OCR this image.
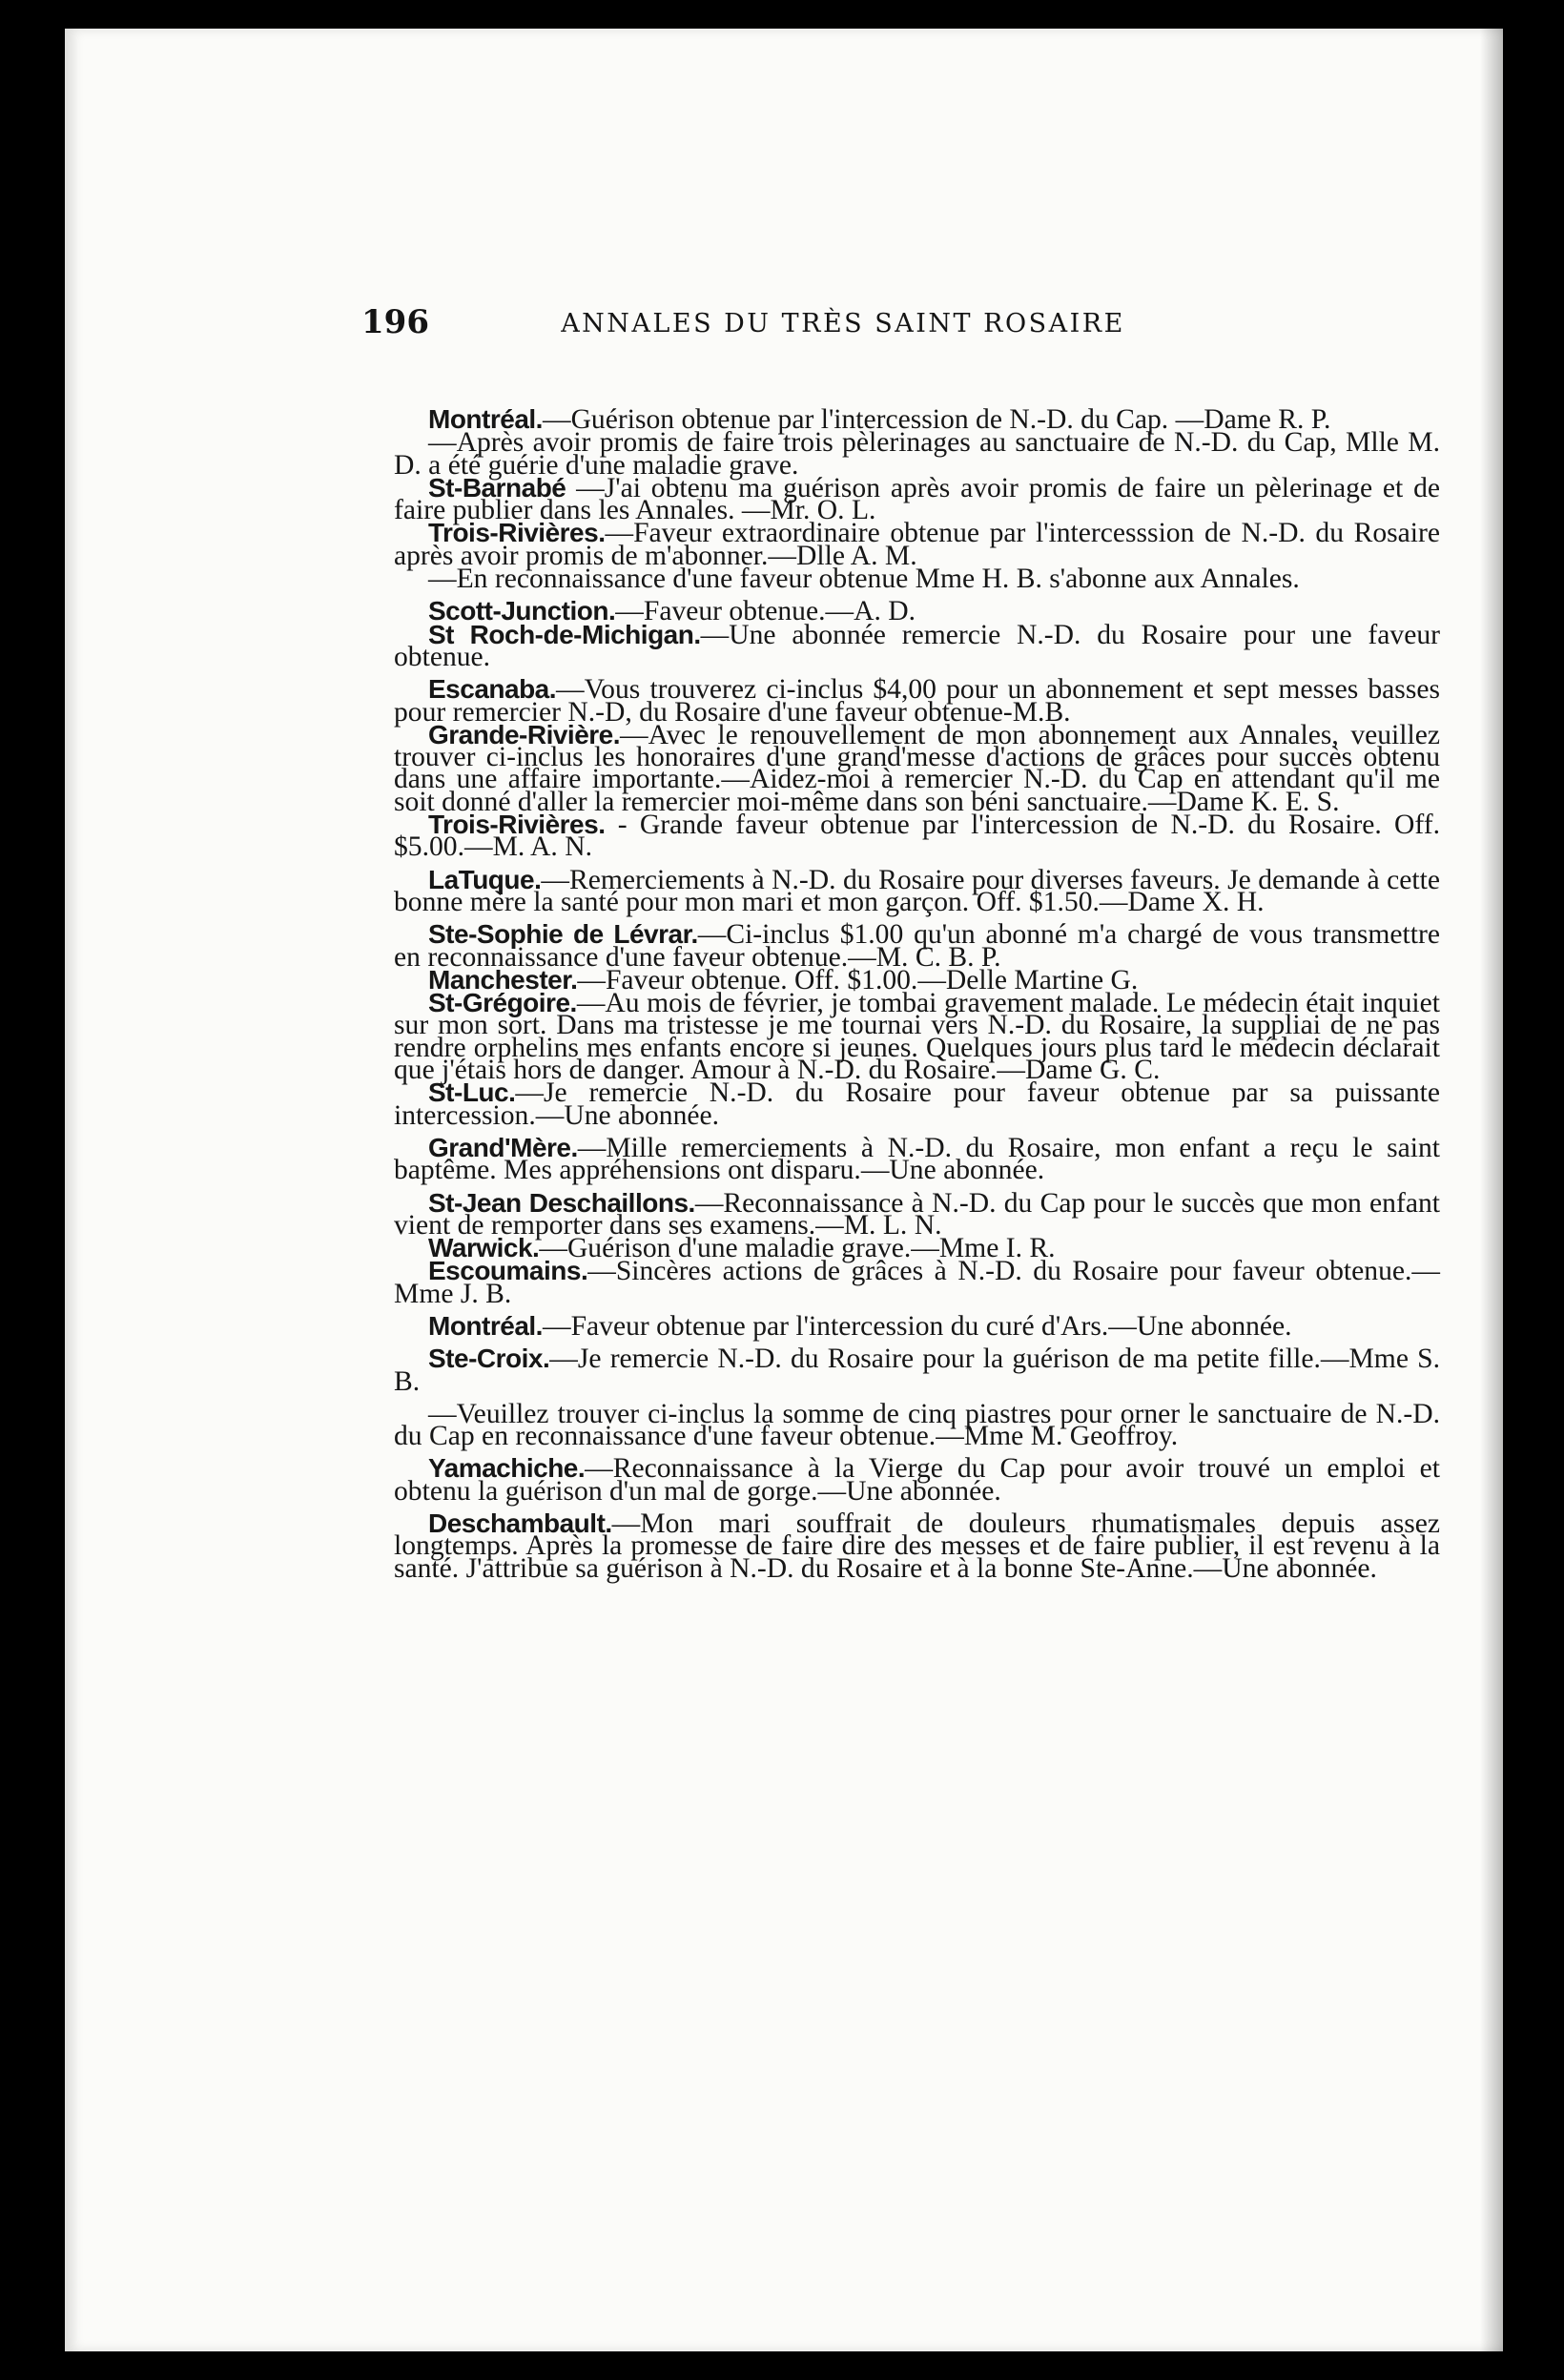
196	ANNALES DU TRÈS SAINT ROSAIRE

Montréal.—Guérison obtenue par l'intercession de N.-D. du Cap. —Dame R. P.

—Après avoir promis de faire trois pèlerinages au sanctuaire de N.-D. du Cap, Mlle M. D. a été guérie d'une maladie grave.

St-Barnabé —J'ai obtenu ma guérison après avoir promis de faire un pèlerinage et de faire publier dans les Annales. —Mr. O. L.

Trois-Rivières.—Faveur extraordinaire obtenue par l'intercesssion de N.-D. du Rosaire après avoir promis de m'abonner.—Dlle A. M.

—En reconnaissance d'une faveur obtenue Mme H. B. s'abonne aux Annales.

Scott-Junction.—Faveur obtenue.—A. D.

St Roch-de-Michigan.—Une abonnée remercie N.-D. du Rosaire pour une faveur obtenue.

Escanaba.—Vous trouverez ci-inclus $4,00 pour un abonnement et sept messes basses pour remercier N.-D, du Rosaire d'une faveur obtenue-M.B.

Grande-Rivière.—Avec le renouvellement de mon abonnement aux Annales, veuillez trouver ci-inclus les honoraires d'une grand'messe d'actions de grâces pour succès obtenu dans une affaire importante.—Aidez-moi à remercier N.-D. du Cap en attendant qu'il me soit donné d'aller la remercier moi-même dans son béni sanctuaire.—Dame K. E. S.

Trois-Rivières. - Grande faveur obtenue par l'intercession de N.-D. du Rosaire. Off. $5.00.—M. A. N.

LaTuque.—Remerciements à N.-D. du Rosaire pour diverses faveurs. Je demande à cette bonne mère la santé pour mon mari et mon garçon. Off. $1.50.—Dame X. H.

Ste-Sophie de Lévrar.—Ci-inclus $1.00 qu'un abonné m'a chargé de vous transmettre en reconnaissance d'une faveur obtenue.—M. C. B. P.

Manchester.—Faveur obtenue. Off. $1.00.—Delle Martine G.

St-Grégoire.—Au mois de février, je tombai gravement malade. Le médecin était inquiet sur mon sort. Dans ma tristesse je me tournai vers N.-D. du Rosaire, la suppliai de ne pas rendre orphelins mes enfants encore si jeunes. Quelques jours plus tard le médecin déclarait que j'étais hors de danger. Amour à N.-D. du Rosaire.—Dame G. C.

St-Luc.—Je remercie N.-D. du Rosaire pour faveur obtenue par sa puissante intercession.—Une abonnée.

Grand'Mère.—Mille remerciements à N.-D. du Rosaire, mon enfant a reçu le saint baptême. Mes appréhensions ont disparu.—Une abonnée.

St-Jean Deschaillons.—Reconnaissance à N.-D. du Cap pour le succès que mon enfant vient de remporter dans ses examens.—M. L. N.

Warwick.—Guérison d'une maladie grave.—Mme I. R.

Escoumains.—Sincères actions de grâces à N.-D. du Rosaire pour faveur obtenue.—Mme J. B.

Montréal.—Faveur obtenue par l'intercession du curé d'Ars.—Une abonnée.

Ste-Croix.—Je remercie N.-D. du Rosaire pour la guérison de ma petite fille.—Mme S. B.

—Veuillez trouver ci-inclus la somme de cinq piastres pour orner le sanctuaire de N.-D. du Cap en reconnaissance d'une faveur obtenue.—Mme M. Geoffroy.

Yamachiche.—Reconnaissance à la Vierge du Cap pour avoir trouvé un emploi et obtenu la guérison d'un mal de gorge.—Une abonnée.

Deschambault.—Mon mari souffrait de douleurs rhumatismales depuis assez longtemps. Après la promesse de faire dire des messes et de faire publier, il est revenu à la santé. J'attribue sa guérison à N.-D. du Rosaire et à la bonne Ste-Anne.—Une abonnée.
